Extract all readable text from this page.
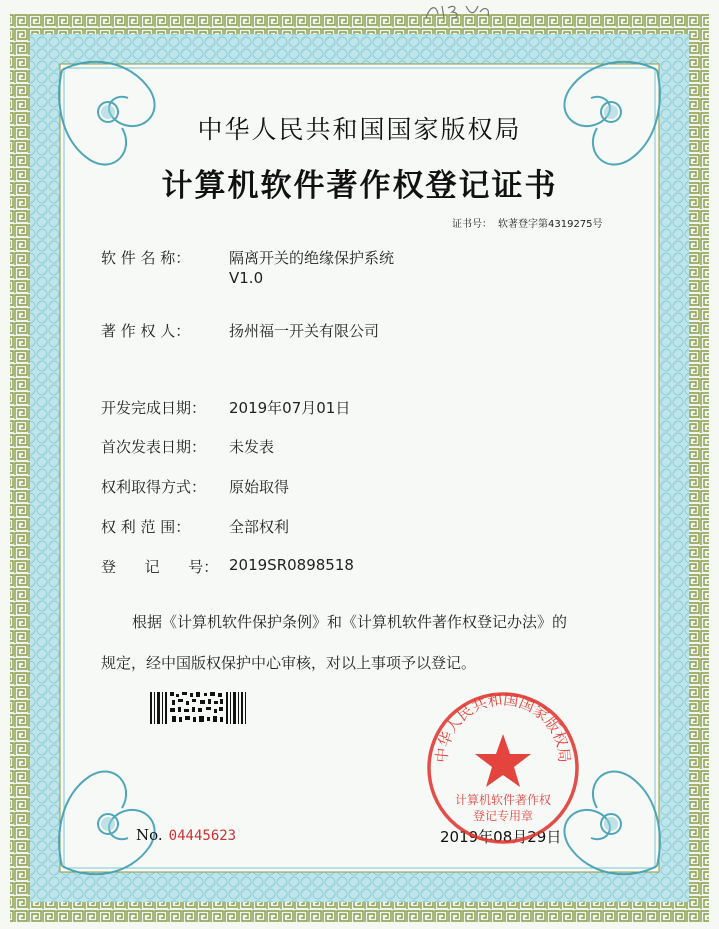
中华人民共和国国家版权局
计算机软件著作权登记证书
证书号： 软著登字第4319275号
软 件 名 称：	隔离开关的绝缘保护系统
V1.0
著 作 权 人：	扬州福一开关有限公司
开发完成日期： 2019年07月01日
首次发表日期： 未发表
权利取得方式： 原始取得
权 利 范 围：	全部权利
登      记      号： 2019SR0898518
根据《计算机软件保护条例》和《计算机软件著作权登记办法》的
规定，经中国版权保护中心审核，对以上事项予以登记。
No. 04445623	2019年08月29日
中华人民共和国国家版权局
计算机软件著作权
登记专用章
